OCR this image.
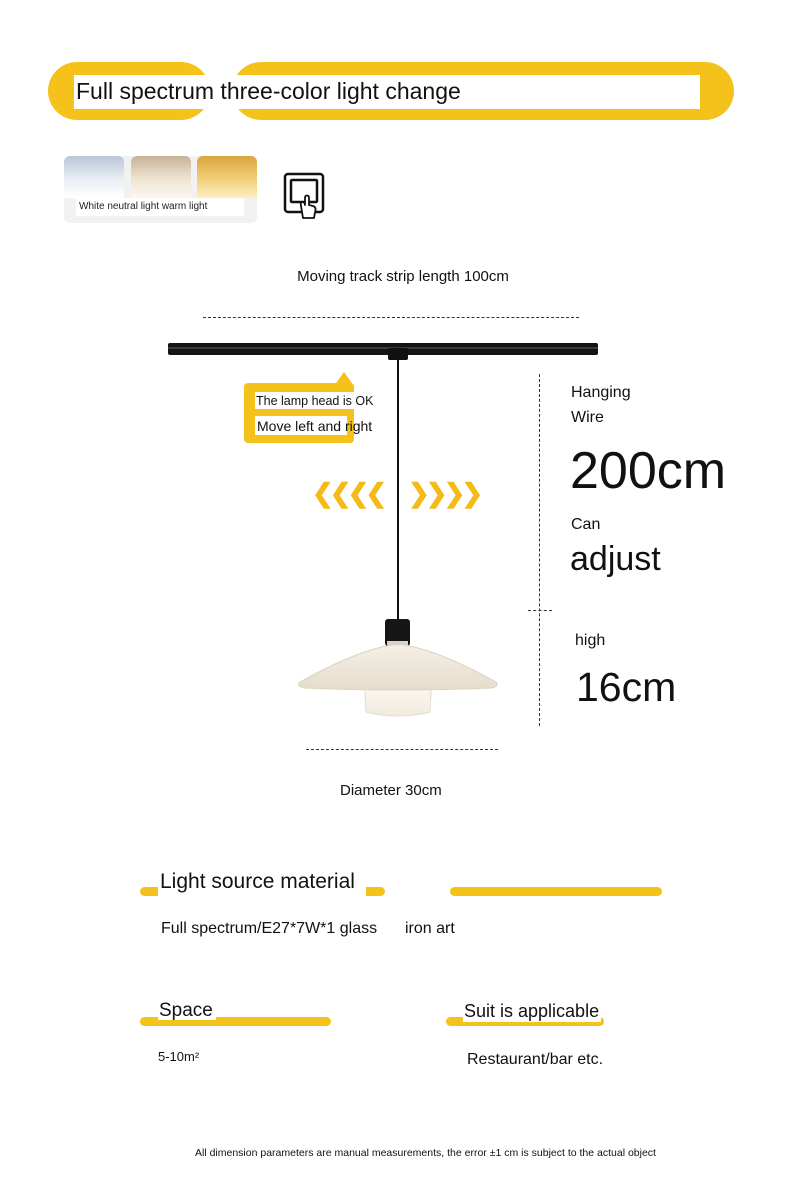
Full spectrum three-color light change
White neutral light warm light
Moving track strip length 100cm
The lamp head is OK
Move left and right
❮❮❮❮ ❯❯❯❯
Hanging
Wire
200cm
Can
adjust
high
16cm
Diameter 30cm
Light source material
Full spectrum/E27*7W*1 glass iron art
Space
5-10m²
Suit is applicable
Restaurant/bar etc.
All dimension parameters are manual measurements, the error ±1 cm is subject to the actual object
